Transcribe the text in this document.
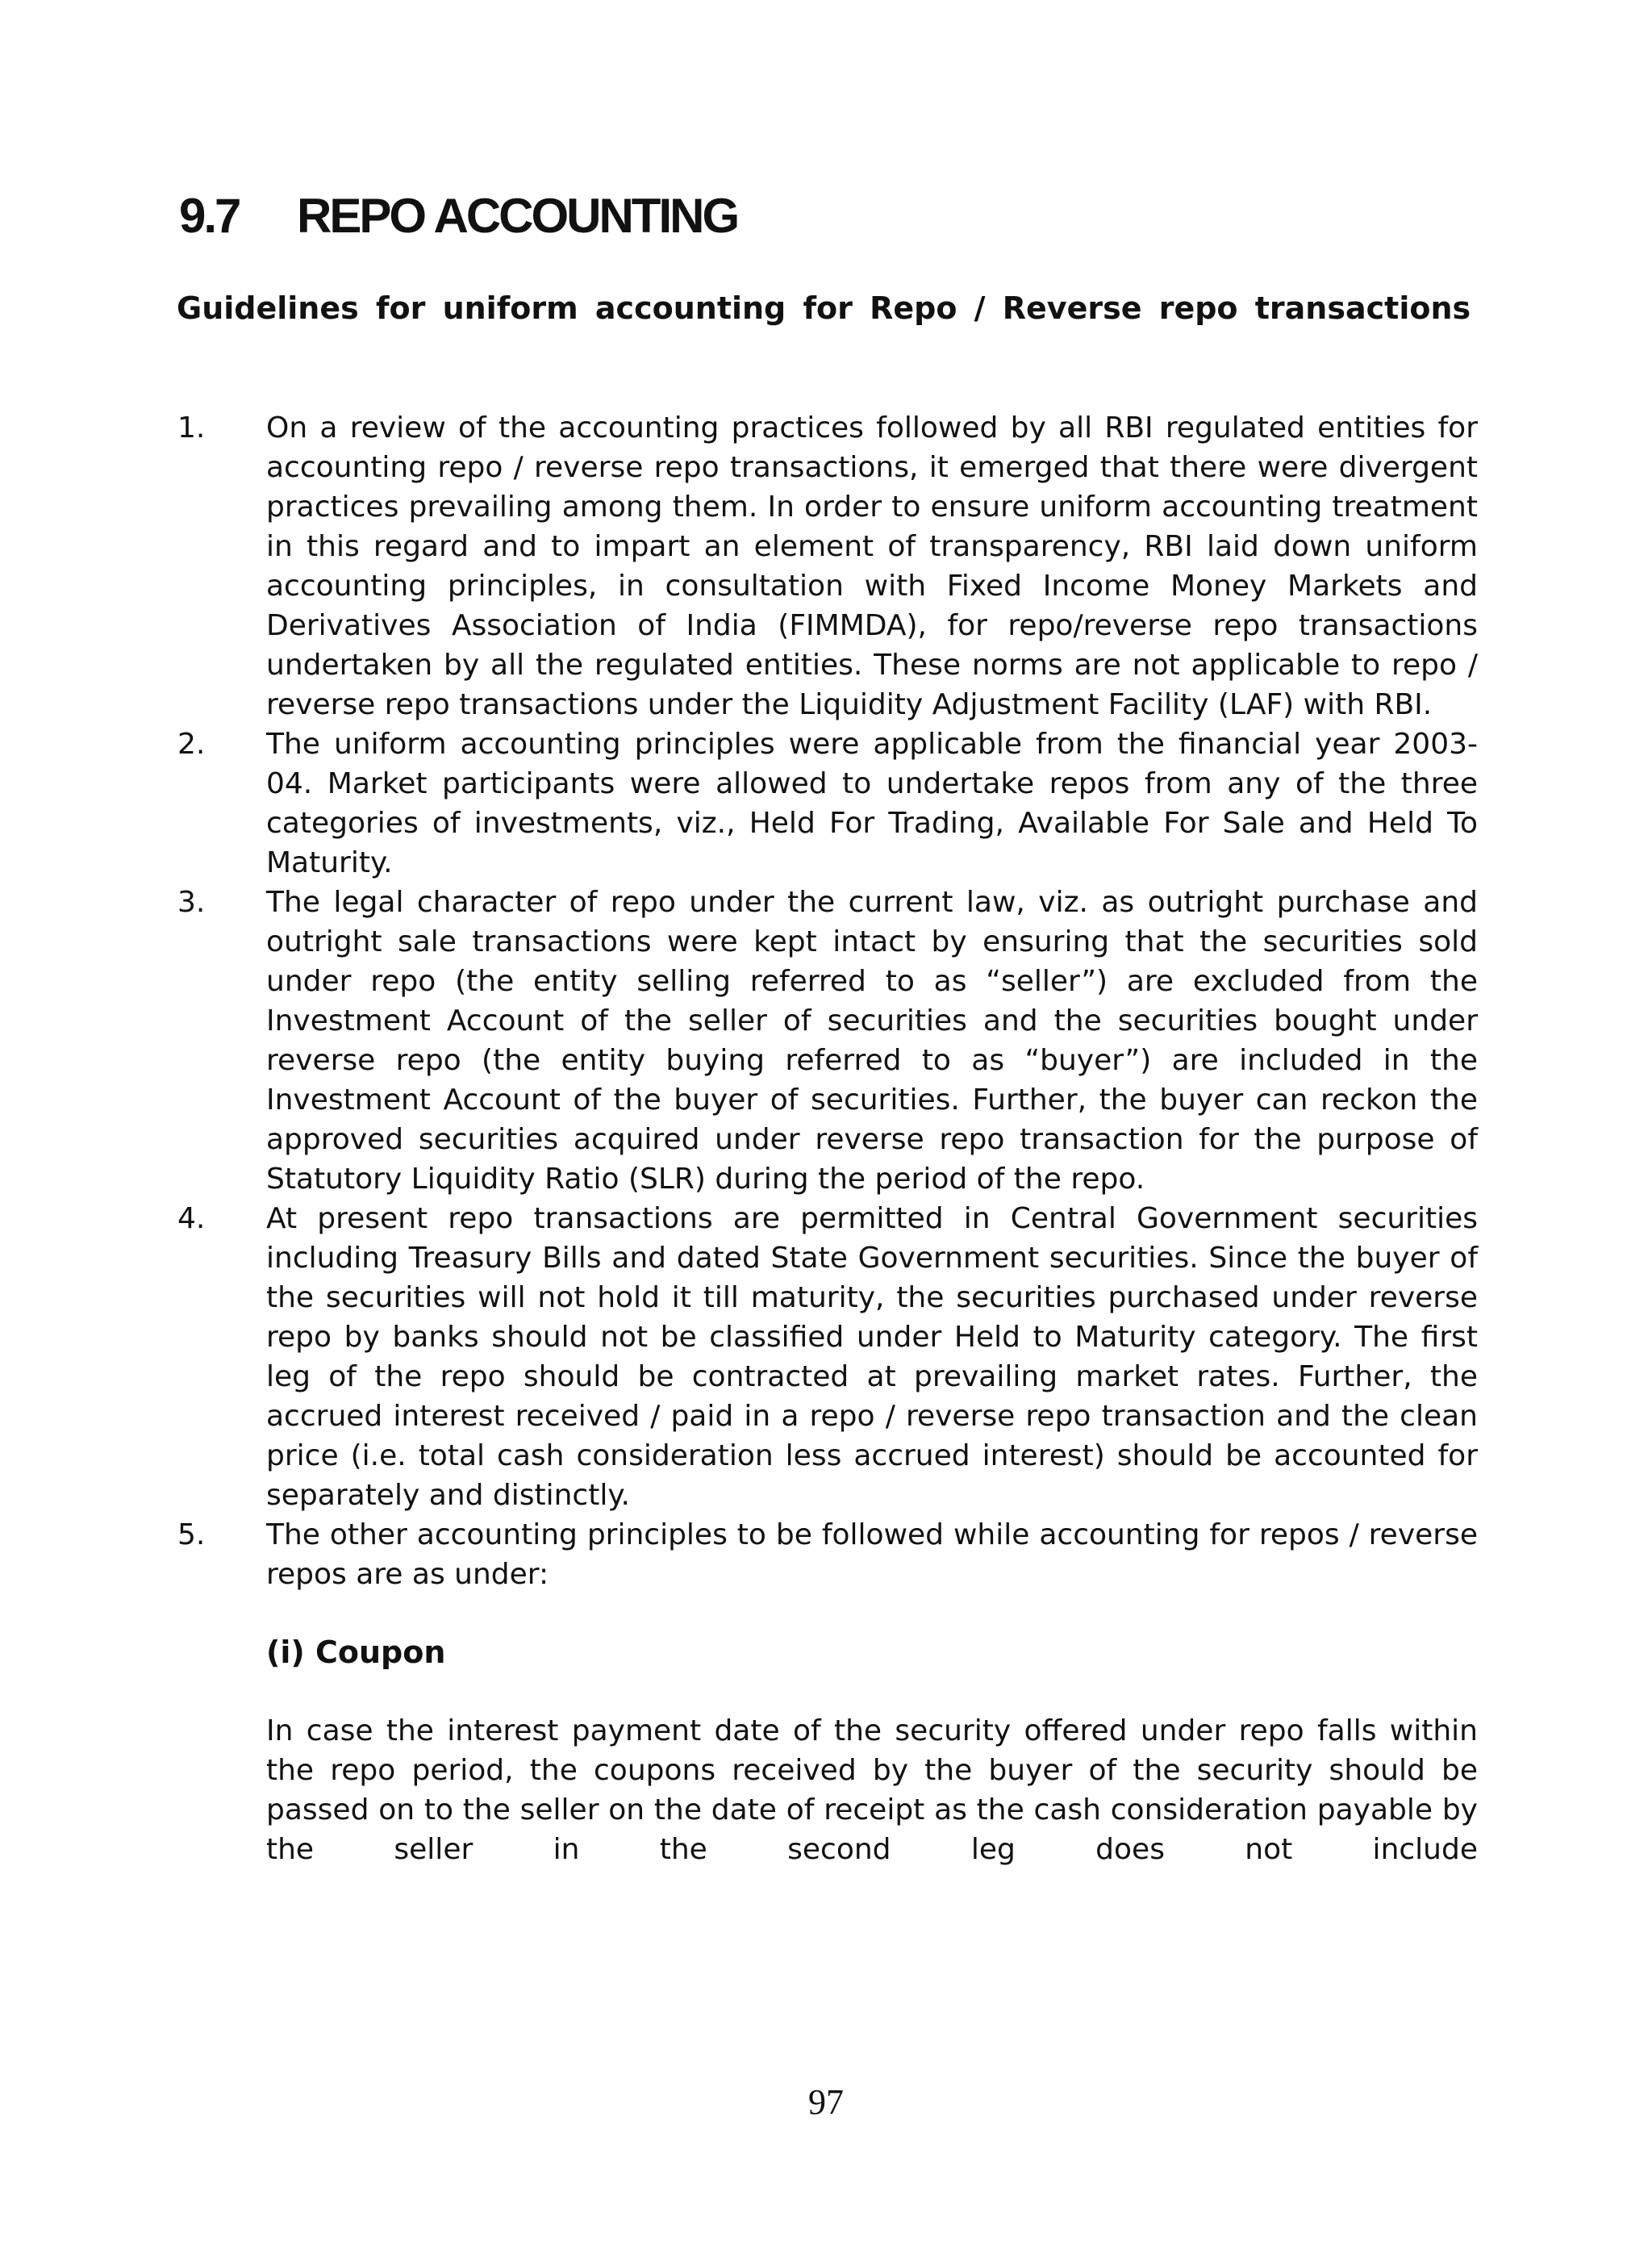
9.7 REPO ACCOUNTING

Guidelines for uniform accounting for Repo / Reverse repo transactions

1.	On a review of the accounting practices followed by all RBI regulated entities for accounting repo / reverse repo transactions, it emerged that there were divergent practices prevailing among them. In order to ensure uniform accounting treatment in this regard and to impart an element of transparency, RBI laid down uniform accounting principles, in consultation with Fixed Income Money Markets and Derivatives Association of India (FIMMDA), for repo/reverse repo transactions undertaken by all the regulated entities. These norms are not applicable to repo / reverse repo transactions under the Liquidity Adjustment Facility (LAF) with RBI.

2.	The uniform accounting principles were applicable from the financial year 2003-04. Market participants were allowed to undertake repos from any of the three categories of investments, viz., Held For Trading, Available For Sale and Held To Maturity.

3.	The legal character of repo under the current law, viz. as outright purchase and outright sale transactions were kept intact by ensuring that the securities sold under repo (the entity selling referred to as “seller”) are excluded from the Investment Account of the seller of securities and the securities bought under reverse repo (the entity buying referred to as “buyer”) are included in the Investment Account of the buyer of securities. Further, the buyer can reckon the approved securities acquired under reverse repo transaction for the purpose of Statutory Liquidity Ratio (SLR) during the period of the repo.

4.	At present repo transactions are permitted in Central Government securities including Treasury Bills and dated State Government securities. Since the buyer of the securities will not hold it till maturity, the securities purchased under reverse repo by banks should not be classified under Held to Maturity category. The first leg of the repo should be contracted at prevailing market rates. Further, the accrued interest received / paid in a repo / reverse repo transaction and the clean price (i.e. total cash consideration less accrued interest) should be accounted for separately and distinctly.

5.	The other accounting principles to be followed while accounting for repos / reverse repos are as under:

(i) Coupon

In case the interest payment date of the security offered under repo falls within the repo period, the coupons received by the buyer of the security should be passed on to the seller on the date of receipt as the cash consideration payable by the seller in the second leg does not include

97
